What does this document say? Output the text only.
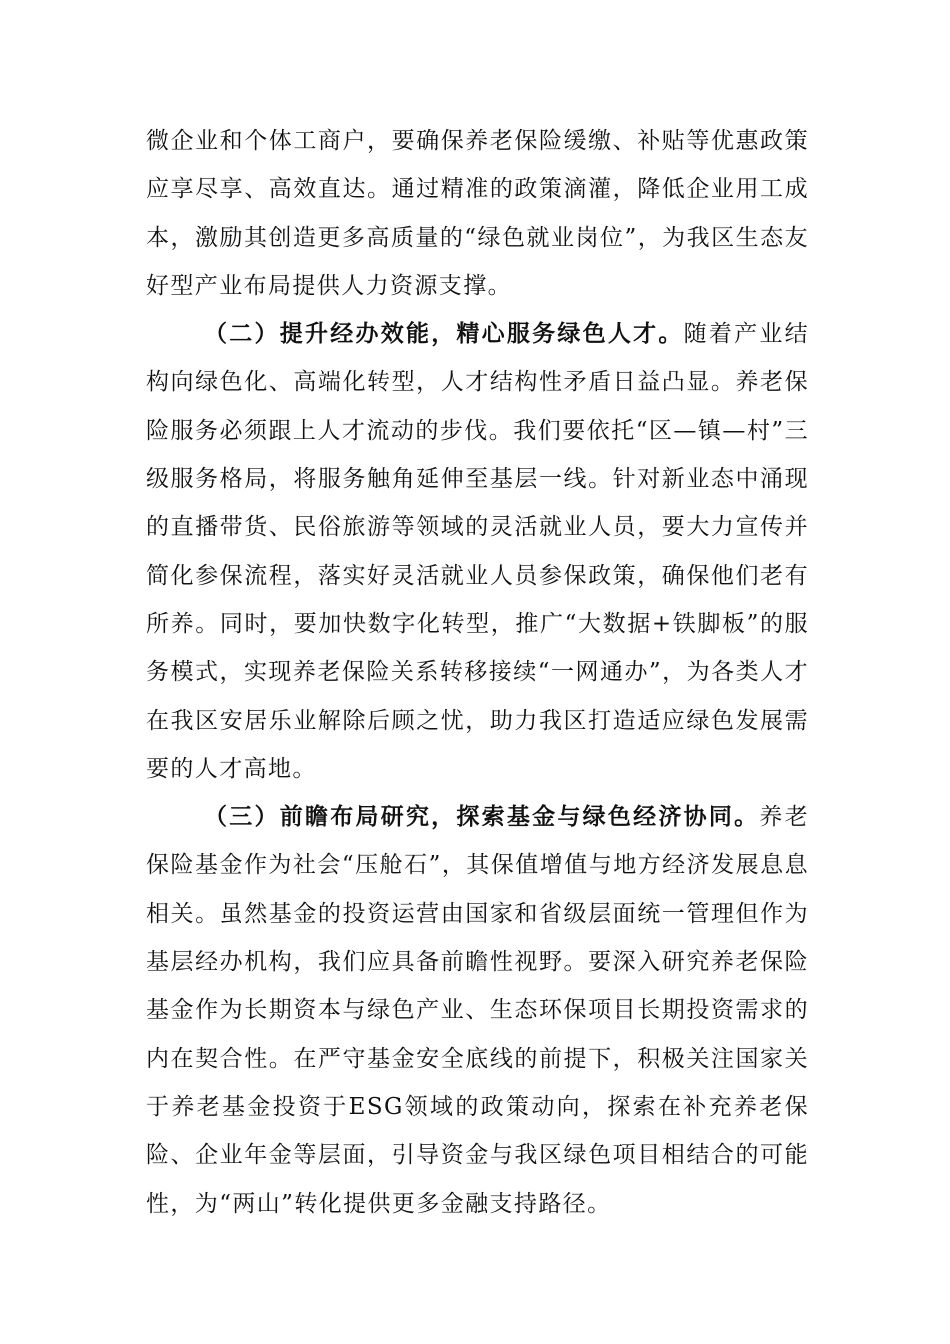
微企业和个体工商户，要确保养老保险缓缴、补贴等优惠政策应享尽享、高效直达。通过精准的政策滴灌，降低企业用工成本，激励其创造更多高质量的“绿色就业岗位”，为我区生态友好型产业布局提供人力资源支撑。

（二）提升经办效能，精心服务绿色人才。随着产业结构向绿色化、高端化转型，人才结构性矛盾日益凸显。养老保险服务必须跟上人才流动的步伐。我们要依托“区—镇—村”三级服务格局，将服务触角延伸至基层一线。针对新业态中涌现的直播带货、民俗旅游等领域的灵活就业人员，要大力宣传并简化参保流程，落实好灵活就业人员参保政策，确保他们老有所养。同时，要加快数字化转型，推广“大数据+铁脚板”的服务模式，实现养老保险关系转移接续“一网通办”，为各类人才在我区安居乐业解除后顾之忧，助力我区打造适应绿色发展需要的人才高地。

（三）前瞻布局研究，探索基金与绿色经济协同。养老保险基金作为社会“压舱石”，其保值增值与地方经济发展息息相关。虽然基金的投资运营由国家和省级层面统一管理但作为基层经办机构，我们应具备前瞻性视野。要深入研究养老保险基金作为长期资本与绿色产业、生态环保项目长期投资需求的内在契合性。在严守基金安全底线的前提下，积极关注国家关于养老基金投资于ESG领域的政策动向，探索在补充养老保险、企业年金等层面，引导资金与我区绿色项目相结合的可能性，为“两山”转化提供更多金融支持路径。
